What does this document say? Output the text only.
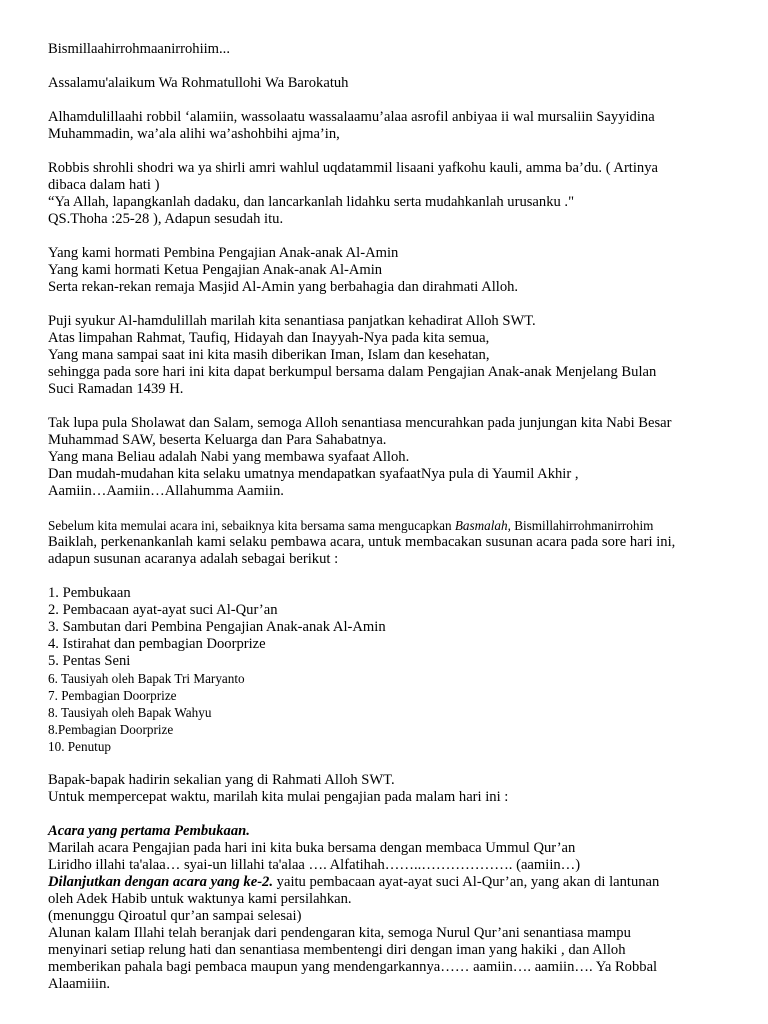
Bismillaahirrohmaanirrohiim...
Assalamu'alaikum Wa Rohmatullohi Wa Barokatuh
Alhamdulillaahi robbil ‘alamiin, wassolaatu wassalaamu’alaa asrofil anbiyaa ii wal mursaliin Sayyidina
Muhammadin, wa’ala alihi wa’ashohbihi ajma’in,
Robbis shrohli shodri wa ya shirli amri wahlul uqdatammil lisaani yafkohu kauli, amma ba’du. ( Artinya
dibaca dalam hati )
“Ya Allah, lapangkanlah dadaku, dan lancarkanlah lidahku serta mudahkanlah urusanku ."
QS.Thoha :25-28 ), Adapun sesudah itu.
Yang kami hormati Pembina Pengajian Anak-anak Al-Amin
Yang kami hormati Ketua Pengajian Anak-anak Al-Amin
Serta rekan-rekan remaja Masjid Al-Amin yang berbahagia dan dirahmati Alloh.
Puji syukur Al-hamdulillah marilah kita senantiasa panjatkan kehadirat Alloh SWT.
Atas limpahan Rahmat, Taufiq, Hidayah dan Inayyah-Nya pada kita semua,
Yang mana sampai saat ini kita masih diberikan Iman, Islam dan kesehatan,
sehingga pada sore hari ini kita dapat berkumpul bersama dalam Pengajian Anak-anak Menjelang Bulan
Suci Ramadan 1439 H.
Tak lupa pula Sholawat dan Salam, semoga Alloh senantiasa mencurahkan pada junjungan kita Nabi Besar
Muhammad SAW, beserta Keluarga dan Para Sahabatnya.
Yang mana Beliau adalah Nabi yang membawa syafaat Alloh.
Dan mudah-mudahan kita selaku umatnya mendapatkan syafaatNya pula di Yaumil Akhir ,
Aamiin…Aamiin…Allahumma Aamiin.
Sebelum kita memulai acara ini, sebaiknya kita bersama sama mengucapkan Basmalah, Bismillahirrohmanirrohim
Baiklah, perkenankanlah kami selaku pembawa acara, untuk membacakan susunan acara pada sore hari ini,
adapun susunan acaranya adalah sebagai berikut :
1. Pembukaan
2. Pembacaan ayat-ayat suci Al-Qur’an
3. Sambutan dari Pembina Pengajian Anak-anak Al-Amin
4. Istirahat dan pembagian Doorprize
5. Pentas Seni
6. Tausiyah oleh Bapak Tri Maryanto
7. Pembagian Doorprize
8. Tausiyah oleh Bapak Wahyu
8.Pembagian Doorprize
10. Penutup
Bapak-bapak hadirin sekalian yang di Rahmati Alloh SWT.
Untuk mempercepat waktu, marilah kita mulai pengajian pada malam hari ini :
Acara yang pertama Pembukaan.
Marilah acara Pengajian pada hari ini kita buka bersama dengan membaca Ummul Qur’an
Liridho illahi ta'alaa… syai-un lillahi ta'alaa …. Alfatihah……..………………. (aamiin…)
Dilanjutkan dengan acara yang ke-2. yaitu pembacaan ayat-ayat suci Al-Qur’an, yang akan di lantunan
oleh Adek Habib untuk waktunya kami persilahkan.
(menunggu Qiroatul qur’an sampai selesai)
Alunan kalam Illahi telah beranjak dari pendengaran kita, semoga Nurul Qur’ani senantiasa mampu
menyinari setiap relung hati dan senantiasa membentengi diri dengan iman yang hakiki , dan Alloh
memberikan pahala bagi pembaca maupun yang mendengarkannya…… aamiin…. aamiin…. Ya Robbal
Alaamiiin.
